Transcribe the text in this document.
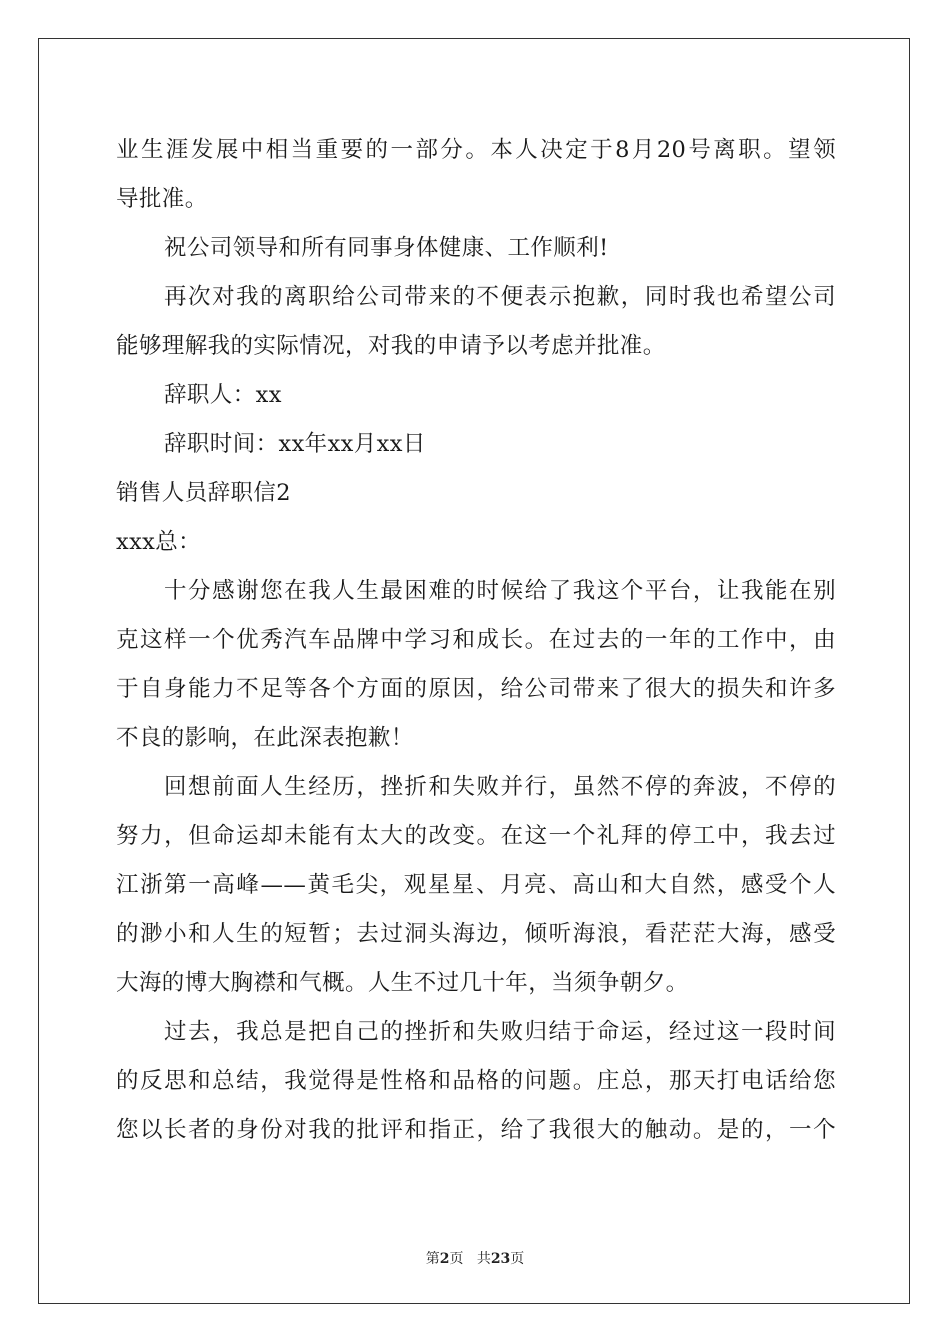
业生涯发展中相当重要的一部分。本人决定于8月20号离职。望领
导批准。
祝公司领导和所有同事身体健康、工作顺利!
再次对我的离职给公司带来的不便表示抱歉，同时我也希望公司
能够理解我的实际情况，对我的申请予以考虑并批准。
辞职人：xx
辞职时间：xx年xx月xx日
销售人员辞职信2
xxx总：
十分感谢您在我人生最困难的时候给了我这个平台，让我能在别
克这样一个优秀汽车品牌中学习和成长。在过去的一年的工作中，由
于自身能力不足等各个方面的原因，给公司带来了很大的损失和许多
不良的影响，在此深表抱歉！
回想前面人生经历，挫折和失败并行，虽然不停的奔波，不停的
努力，但命运却未能有太大的改变。在这一个礼拜的停工中，我去过
江浙第一高峰——黄毛尖，观星星、月亮、高山和大自然，感受个人
的渺小和人生的短暂；去过洞头海边，倾听海浪，看茫茫大海，感受
大海的博大胸襟和气概。人生不过几十年，当须争朝夕。
过去，我总是把自己的挫折和失败归结于命运，经过这一段时间
的反思和总结，我觉得是性格和品格的问题。庄总，那天打电话给您
您以长者的身份对我的批评和指正，给了我很大的触动。是的，一个
第2页 共23页
